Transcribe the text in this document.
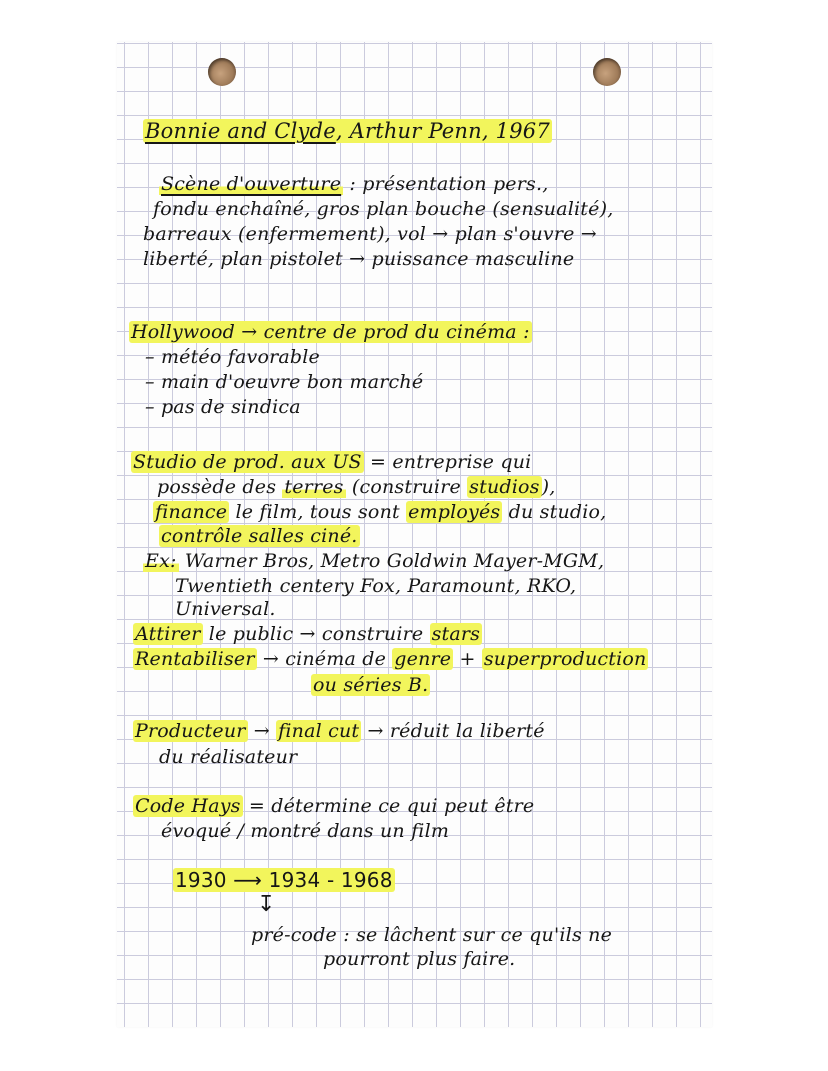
Bonnie and Clyde, Arthur Penn, 1967
Scène d'ouverture : présentation pers.,
fondu enchaîné, gros plan bouche (sensualité),
barreaux (enfermement), vol → plan s'ouvre →
liberté, plan pistolet → puissance masculine
Hollywood → centre de prod du cinéma :
– météo favorable
– main d'oeuvre bon marché
– pas de sindica
Studio de prod. aux US = entreprise qui
possède des terres (construire studios ),
finance le film, tous sont employés du studio,
contrôle salles ciné.
Ex: Warner Bros, Metro Goldwin Mayer-MGM,
Twentieth centery Fox, Paramount, RKO,
Universal.
Attirer le public → construire stars
Rentabiliser → cinéma de genre + superproduction
ou séries B.
Producteur → final cut → réduit la liberté
du réalisateur
Code Hays = détermine ce qui peut être
évoqué / montré dans un film
1930 ⟶ 1934 - 1968
↧
pré-code : se lâchent sur ce qu'ils ne
pourront plus faire.
